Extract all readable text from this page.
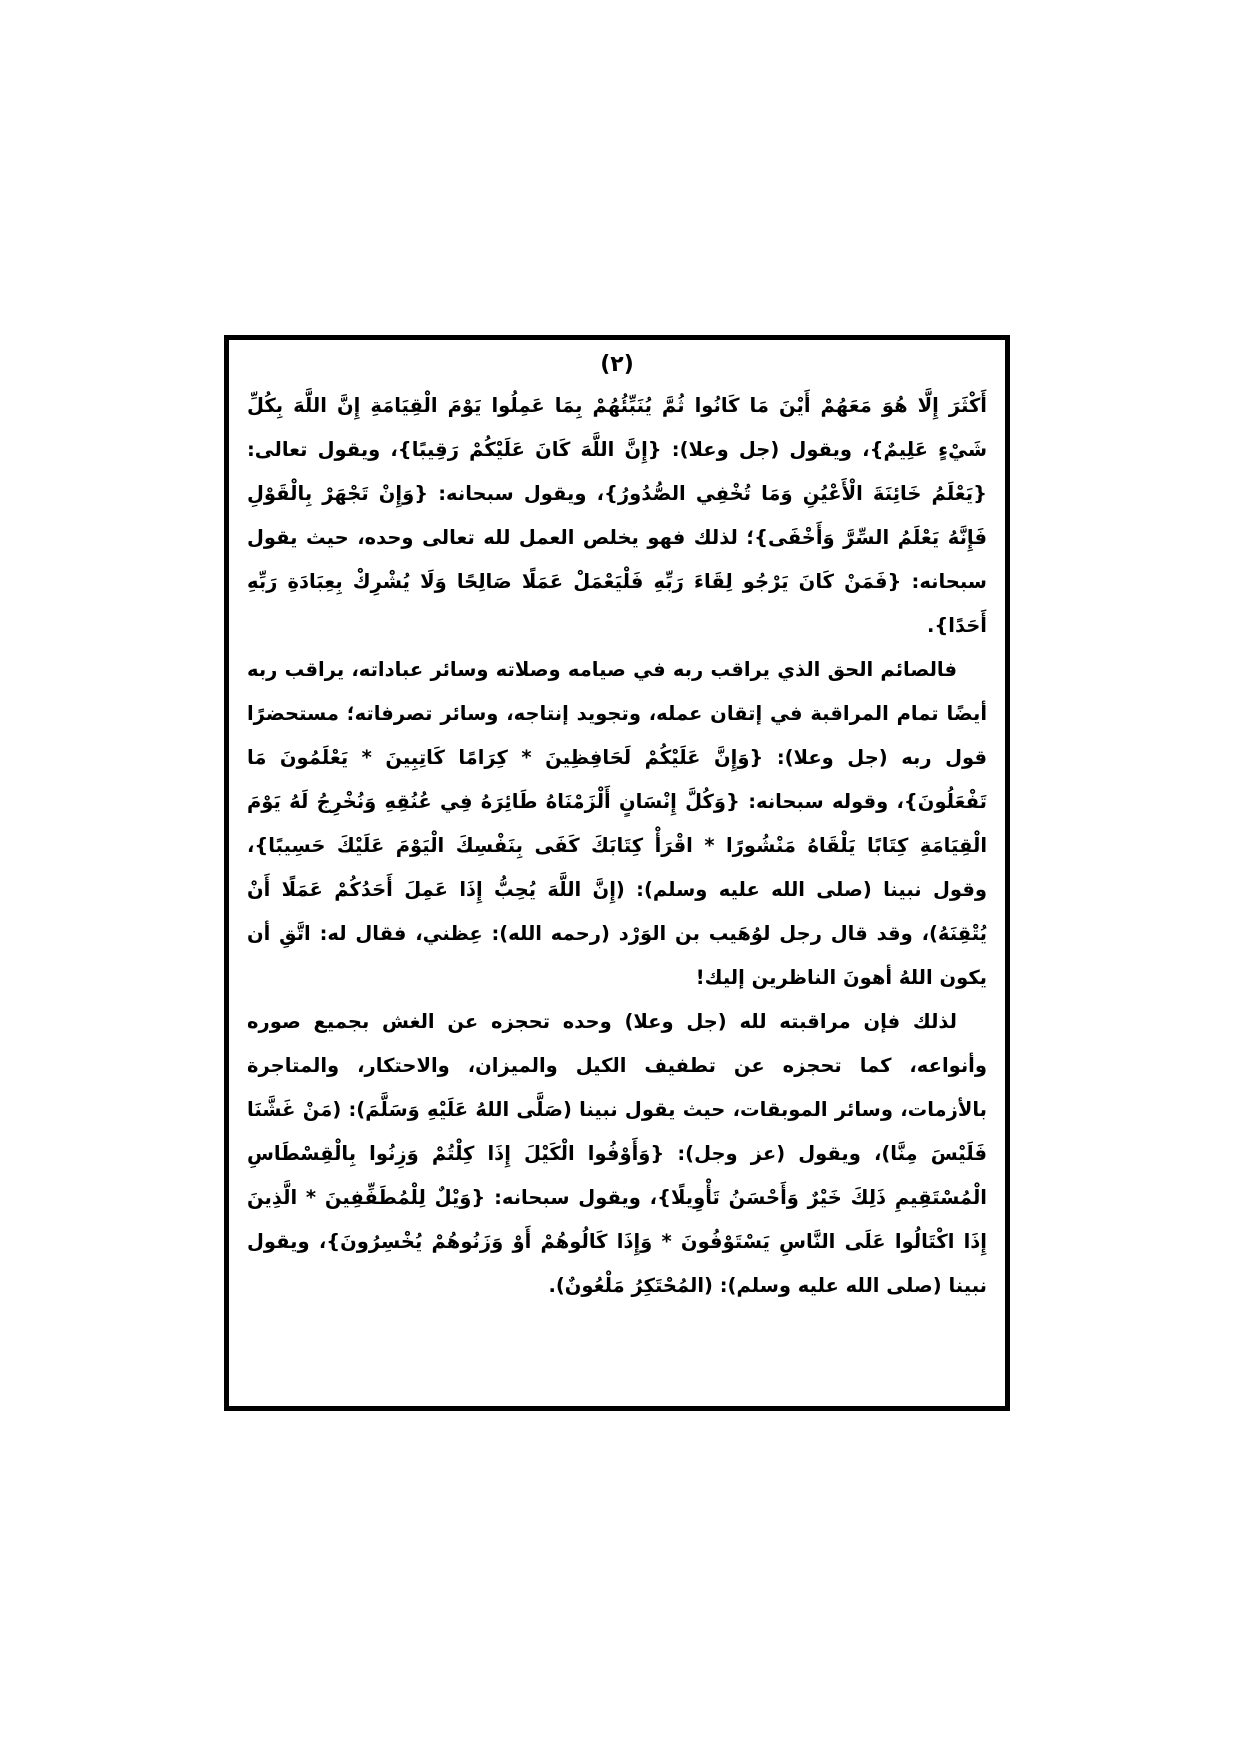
(٢)

أَكْثَرَ إِلَّا هُوَ مَعَهُمْ أَيْنَ مَا كَانُوا ثُمَّ يُنَبِّئُهُمْ بِمَا عَمِلُوا يَوْمَ الْقِيَامَةِ إِنَّ اللَّهَ بِكُلِّ شَيْءٍ عَلِيمٌ}، ويقول (جل وعلا): {إِنَّ اللَّهَ كَانَ عَلَيْكُمْ رَقِيبًا}، ويقول تعالى: {يَعْلَمُ خَائِنَةَ الْأَعْيُنِ وَمَا تُخْفِي الصُّدُورُ}، ويقول سبحانه: {وَإِنْ تَجْهَرْ بِالْقَوْلِ فَإِنَّهُ يَعْلَمُ السِّرَّ وَأَخْفَى}؛ لذلك فهو يخلص العمل لله تعالى وحده، حيث يقول سبحانه: {فَمَنْ كَانَ يَرْجُو لِقَاءَ رَبِّهِ فَلْيَعْمَلْ عَمَلًا صَالِحًا وَلَا يُشْرِكْ بِعِبَادَةِ رَبِّهِ أَحَدًا}.

فالصائم الحق الذي يراقب ربه في صيامه وصلاته وسائر عباداته، يراقب ربه أيضًا تمام المراقبة في إتقان عمله، وتجويد إنتاجه، وسائر تصرفاته؛ مستحضرًا قول ربه (جل وعلا): {وَإِنَّ عَلَيْكُمْ لَحَافِظِينَ * كِرَامًا كَاتِبِينَ * يَعْلَمُونَ مَا تَفْعَلُونَ}، وقوله سبحانه: {وَكُلَّ إِنْسَانٍ أَلْزَمْنَاهُ طَائِرَهُ فِي عُنُقِهِ وَنُخْرِجُ لَهُ يَوْمَ الْقِيَامَةِ كِتَابًا يَلْقَاهُ مَنْشُورًا * اقْرَأْ كِتَابَكَ كَفَى بِنَفْسِكَ الْيَوْمَ عَلَيْكَ حَسِيبًا}، وقول نبينا (صلى الله عليه وسلم): (إِنَّ اللَّهَ يُحِبُّ إِذَا عَمِلَ أَحَدُكُمْ عَمَلًا أَنْ يُتْقِنَهُ)، وقد قال رجل لوُهَيب بن الوَرْد (رحمه الله): عِظني، فقال له: اتَّقِ أن يكون اللهُ أهونَ الناظرين إليك!

لذلك فإن مراقبته لله (جل وعلا) وحده تحجزه عن الغش بجميع صوره وأنواعه، كما تحجزه عن تطفيف الكيل والميزان، والاحتكار، والمتاجرة بالأزمات، وسائر الموبقات، حيث يقول نبينا (صَلَّى اللهُ عَلَيْهِ وَسَلَّمَ): (مَنْ غَشَّنَا فَلَيْسَ مِنَّا)، ويقول (عز وجل): {وَأَوْفُوا الْكَيْلَ إِذَا كِلْتُمْ وَزِنُوا بِالْقِسْطَاسِ الْمُسْتَقِيمِ ذَلِكَ خَيْرٌ وَأَحْسَنُ تَأْوِيلًا}، ويقول سبحانه: {وَيْلٌ لِلْمُطَفِّفِينَ * الَّذِينَ إِذَا اكْتَالُوا عَلَى النَّاسِ يَسْتَوْفُونَ * وَإِذَا كَالُوهُمْ أَوْ وَزَنُوهُمْ يُخْسِرُونَ}، ويقول نبينا (صلى الله عليه وسلم): (المُحْتَكِرُ مَلْعُونٌ).
